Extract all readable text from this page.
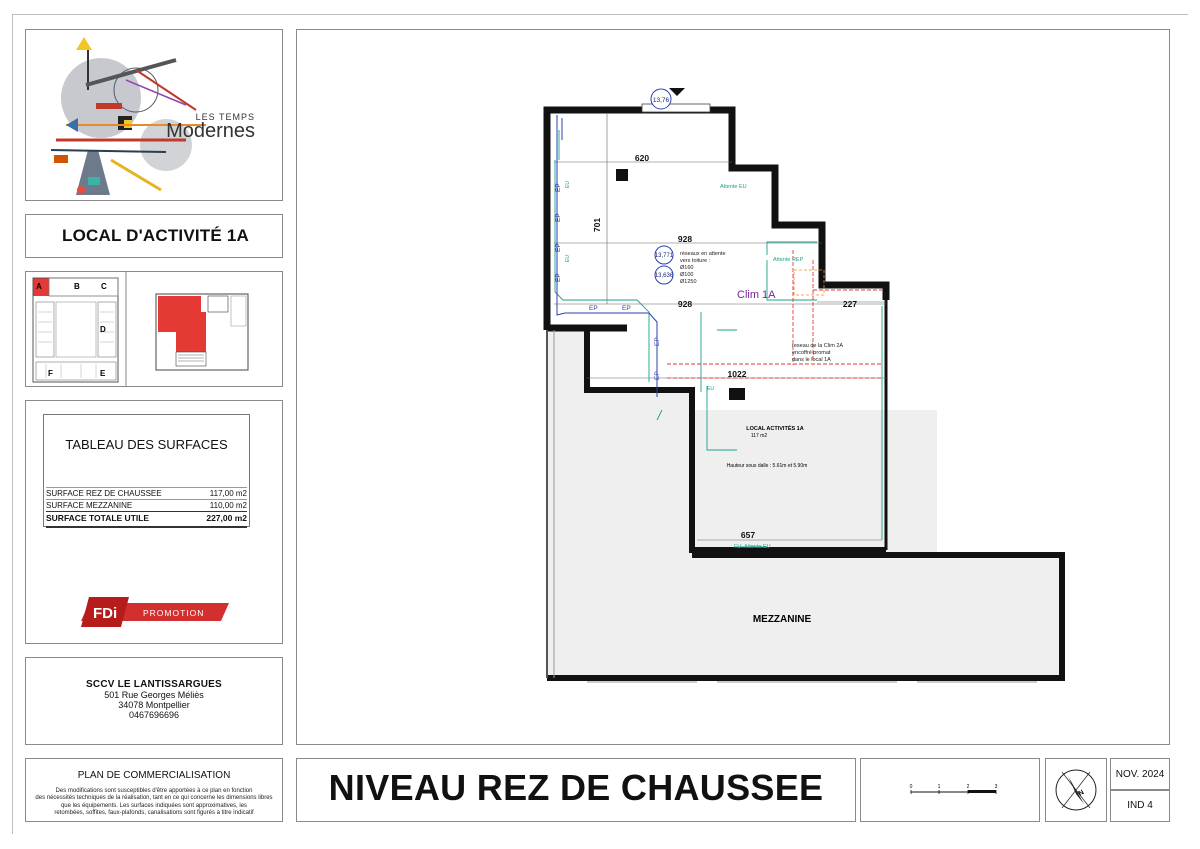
LES TEMPS
Modernes
LOCAL D'ACTIVITÉ 1A
A	B	C
D
F	E
TABLEAU DES SURFACES
SURFACE REZ DE CHAUSSEE	117,00 m2
SURFACE MEZZANINE	110,00 m2
SURFACE TOTALE UTILE	227,00 m2
FDi	PROMOTION
SCCV LE LANTISSARGUES
501 Rue Georges Méliès
34078 Montpellier
0467696696
PLAN DE COMMERCIALISATION
Des modifications sont susceptibles d'être apportées à ce plan en fonction
des nécessités techniques de la réalisation, tant en ce qui concerne les dimensions libres
que les équipements. Les surfaces indiquées sont approximatives, les
retombées, soffites, faux-plafonds, canalisations sont figurés à titre indicatif
13,76
13,771
13,636
620
701
928
928	227
1022
657
réseaux en attente
vers toiture :
Ø160
Ø100
Ø1250
Clim 1A
reseau de la Clim 2A
encoffré promat
dans le local 1A
Attente EU
Attente EU
Attente REP
EP
EP
EP
EP
EP	EP
EP
EP
EU
EU
EU
EU
LOCAL ACTIVITÉS 1A
117 m2
Hauteur sous dalle : 5.61m et 5.90m
MEZZANINE
NIVEAU REZ DE CHAUSSEE	0	1	2	3
N
NOV. 2024
IND 4
